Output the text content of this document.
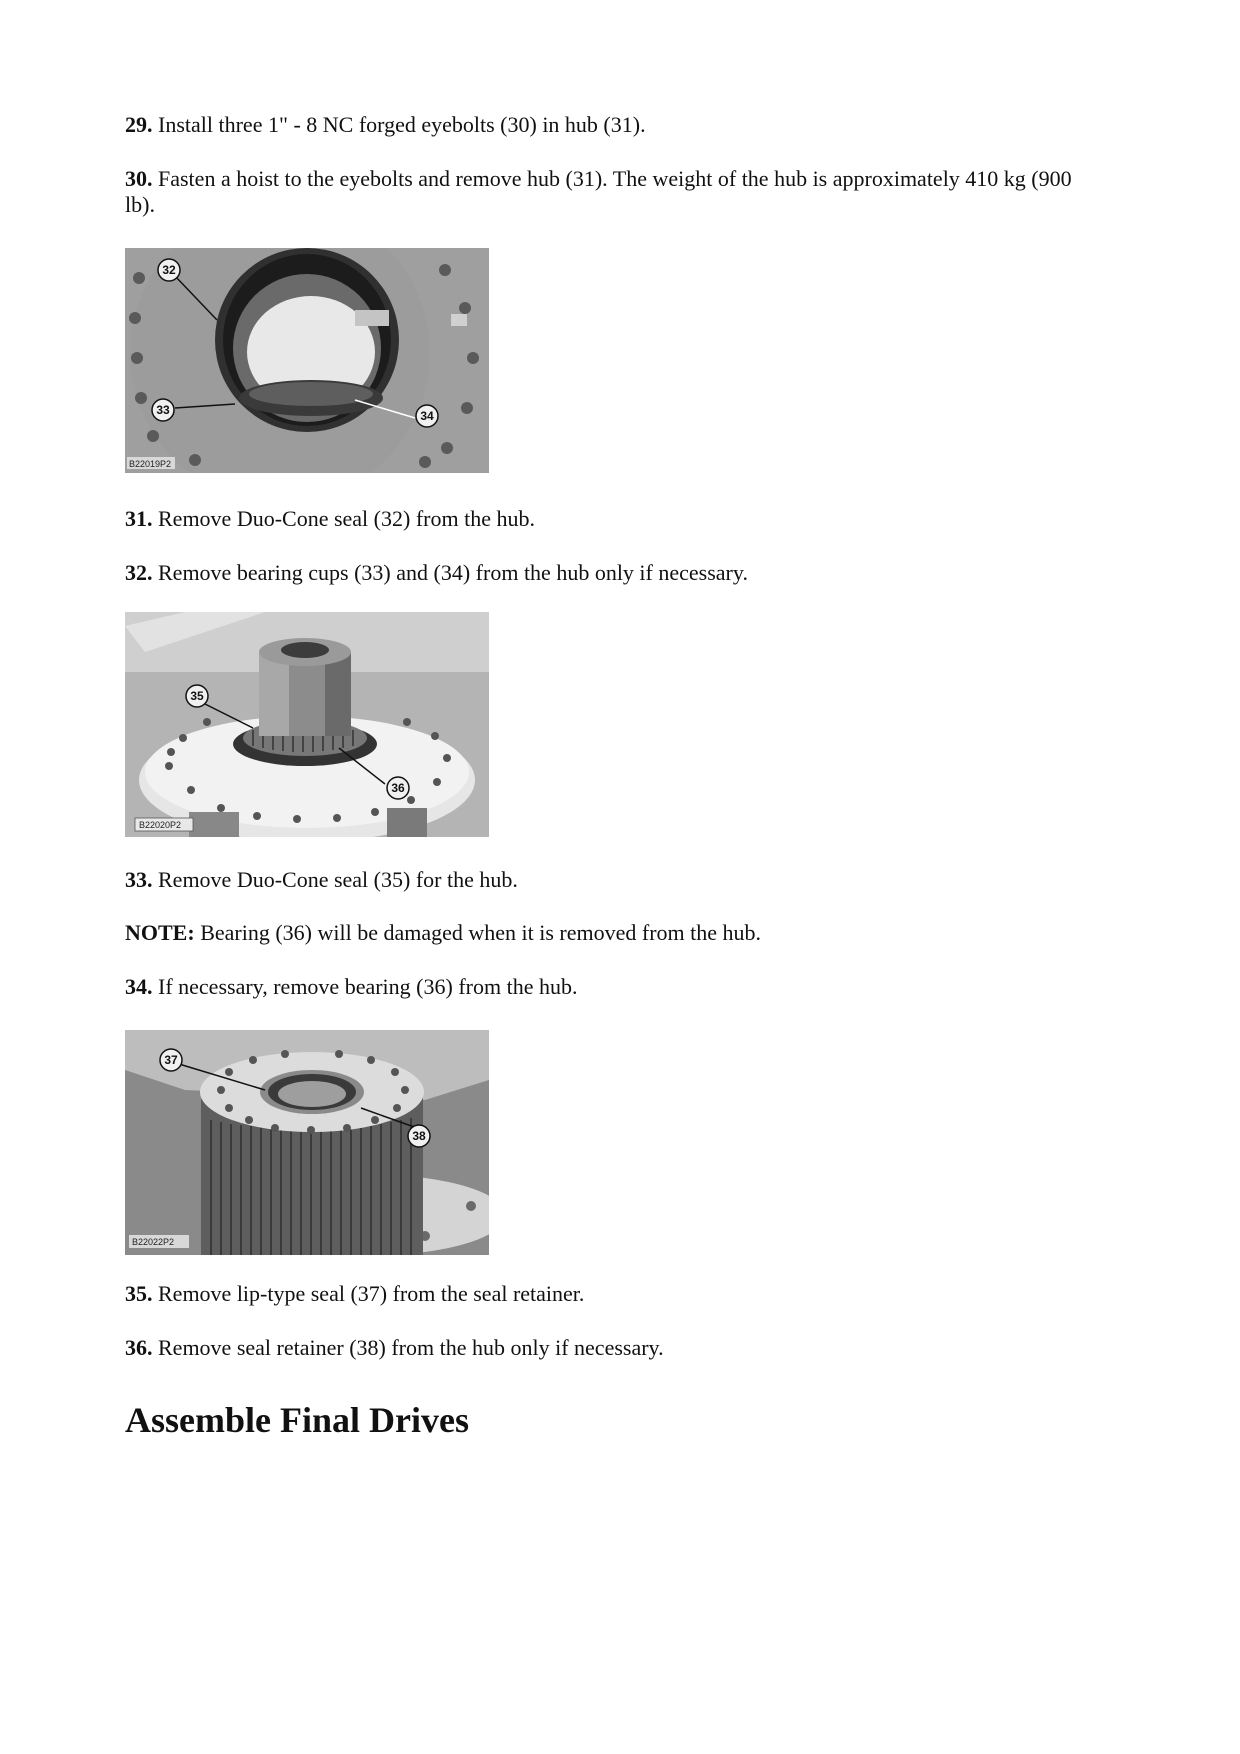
29. Install three 1" - 8 NC forged eyebolts (30) in hub (31).

30. Fasten a hoist to the eyebolts and remove hub (31). The weight of the hub is approximately 410 kg (900 lb).

32
33	34
B22019P2

31. Remove Duo-Cone seal (32) from the hub.

32. Remove bearing cups (33) and (34) from the hub only if necessary.

35
36
B22020P2

33. Remove Duo-Cone seal (35) for the hub.

NOTE: Bearing (36) will be damaged when it is removed from the hub.

34. If necessary, remove bearing (36) from the hub.

37
38
B22022P2

35. Remove lip-type seal (37) from the seal retainer.

36. Remove seal retainer (38) from the hub only if necessary.

Assemble Final Drives
